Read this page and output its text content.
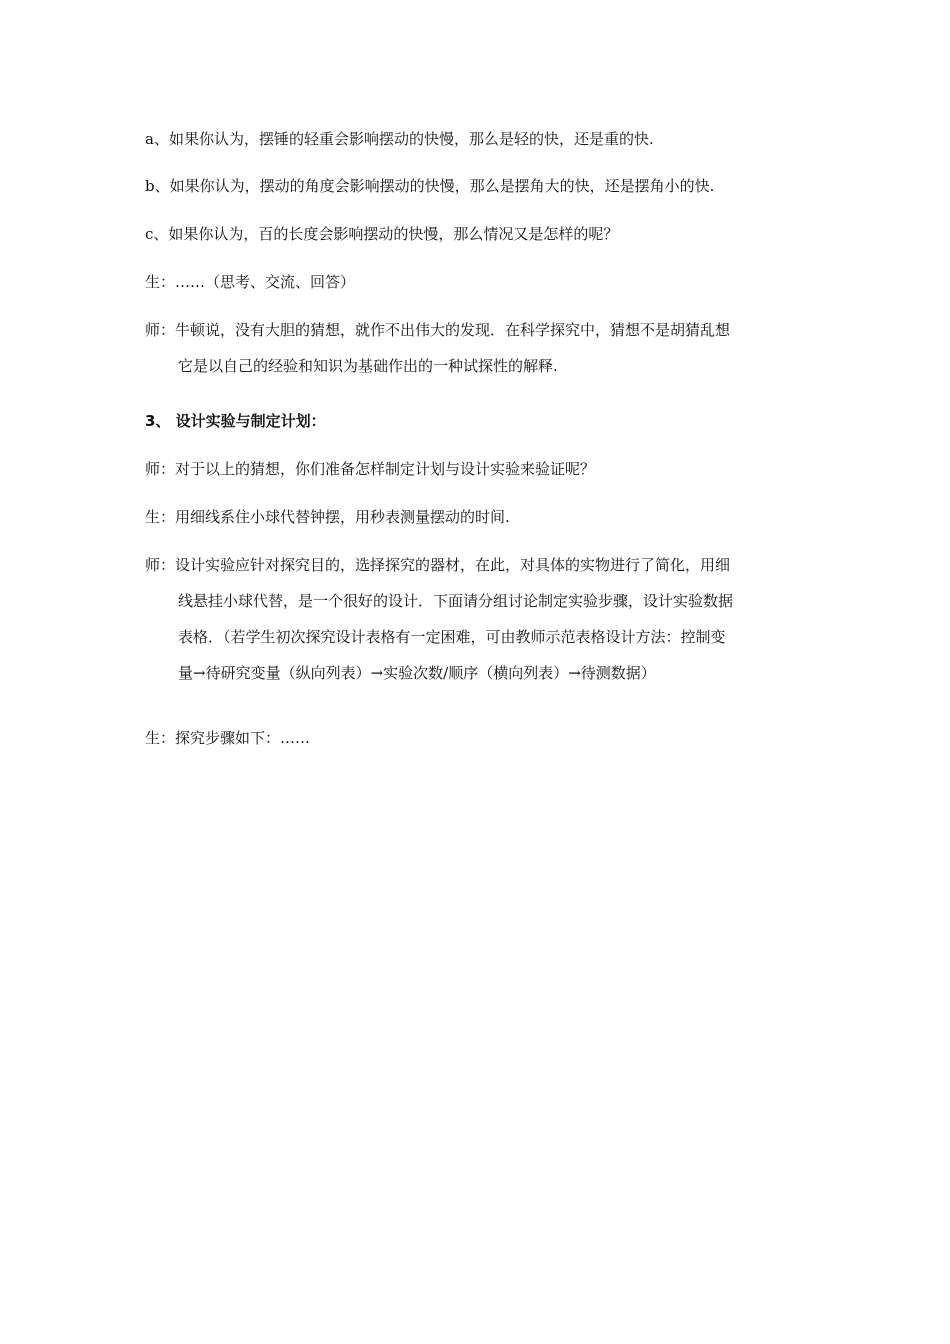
a、如果你认为，摆锤的轻重会影响摆动的快慢，那么是轻的快，还是重的快.
b、如果你认为，摆动的角度会影响摆动的快慢，那么是摆角大的快，还是摆角小的快.
c、如果你认为，百的长度会影响摆动的快慢，那么情况又是怎样的呢？
生：……（思考、交流、回答）
师：牛顿说，没有大胆的猜想，就作不出伟大的发现．在科学探究中，猜想不是胡猜乱想
它是以自己的经验和知识为基础作出的一种试探性的解释.
3、 设计实验与制定计划：
师：对于以上的猜想，你们准备怎样制定计划与设计实验来验证呢？
生：用细线系住小球代替钟摆，用秒表测量摆动的时间.
师：设计实验应针对探究目的，选择探究的器材，在此，对具体的实物进行了简化，用细
线悬挂小球代替，是一个很好的设计．下面请分组讨论制定实验步骤，设计实验数据
表格．（若学生初次探究设计表格有一定困难，可由教师示范表格设计方法：控制变
量→待研究变量（纵向列表）→实验次数/顺序（横向列表）→待测数据）
生：探究步骤如下：……
